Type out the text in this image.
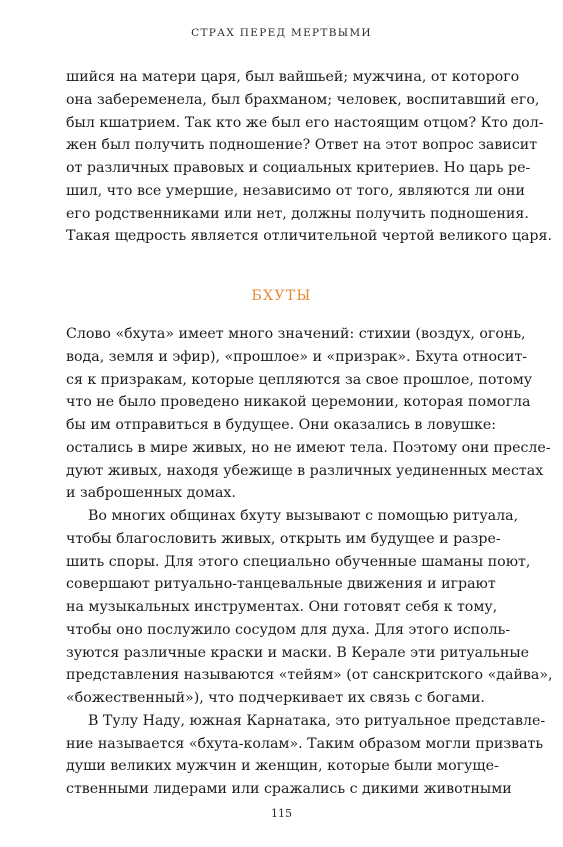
СТРАХ ПЕРЕД МЕРТВЫМИ

шийся на матери царя, был вайшьей; мужчина, от которого
она забеременела, был брахманом; человек, воспитавший его,
был кшатрием. Так кто же был его настоящим отцом? Кто дол-
жен был получить подношение? Ответ на этот вопрос зависит
от различных правовых и социальных критериев. Но царь ре-
шил, что все умершие, независимо от того, являются ли они
его родственниками или нет, должны получить подношения.
Такая щедрость является отличительной чертой великого царя.

БХУТЫ

Слово «бхута» имеет много значений: стихии (воздух, огонь,
вода, земля и эфир), «прошлое» и «призрак». Бхута относит-
ся к призракам, которые цепляются за свое прошлое, потому
что не было проведено никакой церемонии, которая помогла
бы им отправиться в будущее. Они оказались в ловушке:
остались в мире живых, но не имеют тела. Поэтому они пресле-
дуют живых, находя убежище в различных уединенных местах
и заброшенных домах.

Во многих общинах бхуту вызывают с помощью ритуала,
чтобы благословить живых, открыть им будущее и разре-
шить споры. Для этого специально обученные шаманы поют,
совершают ритуально-танцевальные движения и играют
на музыкальных инструментах. Они готовят себя к тому,
чтобы оно послужило сосудом для духа. Для этого исполь-
зуются различные краски и маски. В Керале эти ритуальные
представления называются «тейям» (от санскритского «дайва»,
«божественный»), что подчеркивает их связь с богами.

В Тулу Наду, южная Карнатака, это ритуальное представле-
ние называется «бхута-колам». Таким образом могли призвать
души великих мужчин и женщин, которые были могуще-
ственными лидерами или сражались с дикими животными

115
